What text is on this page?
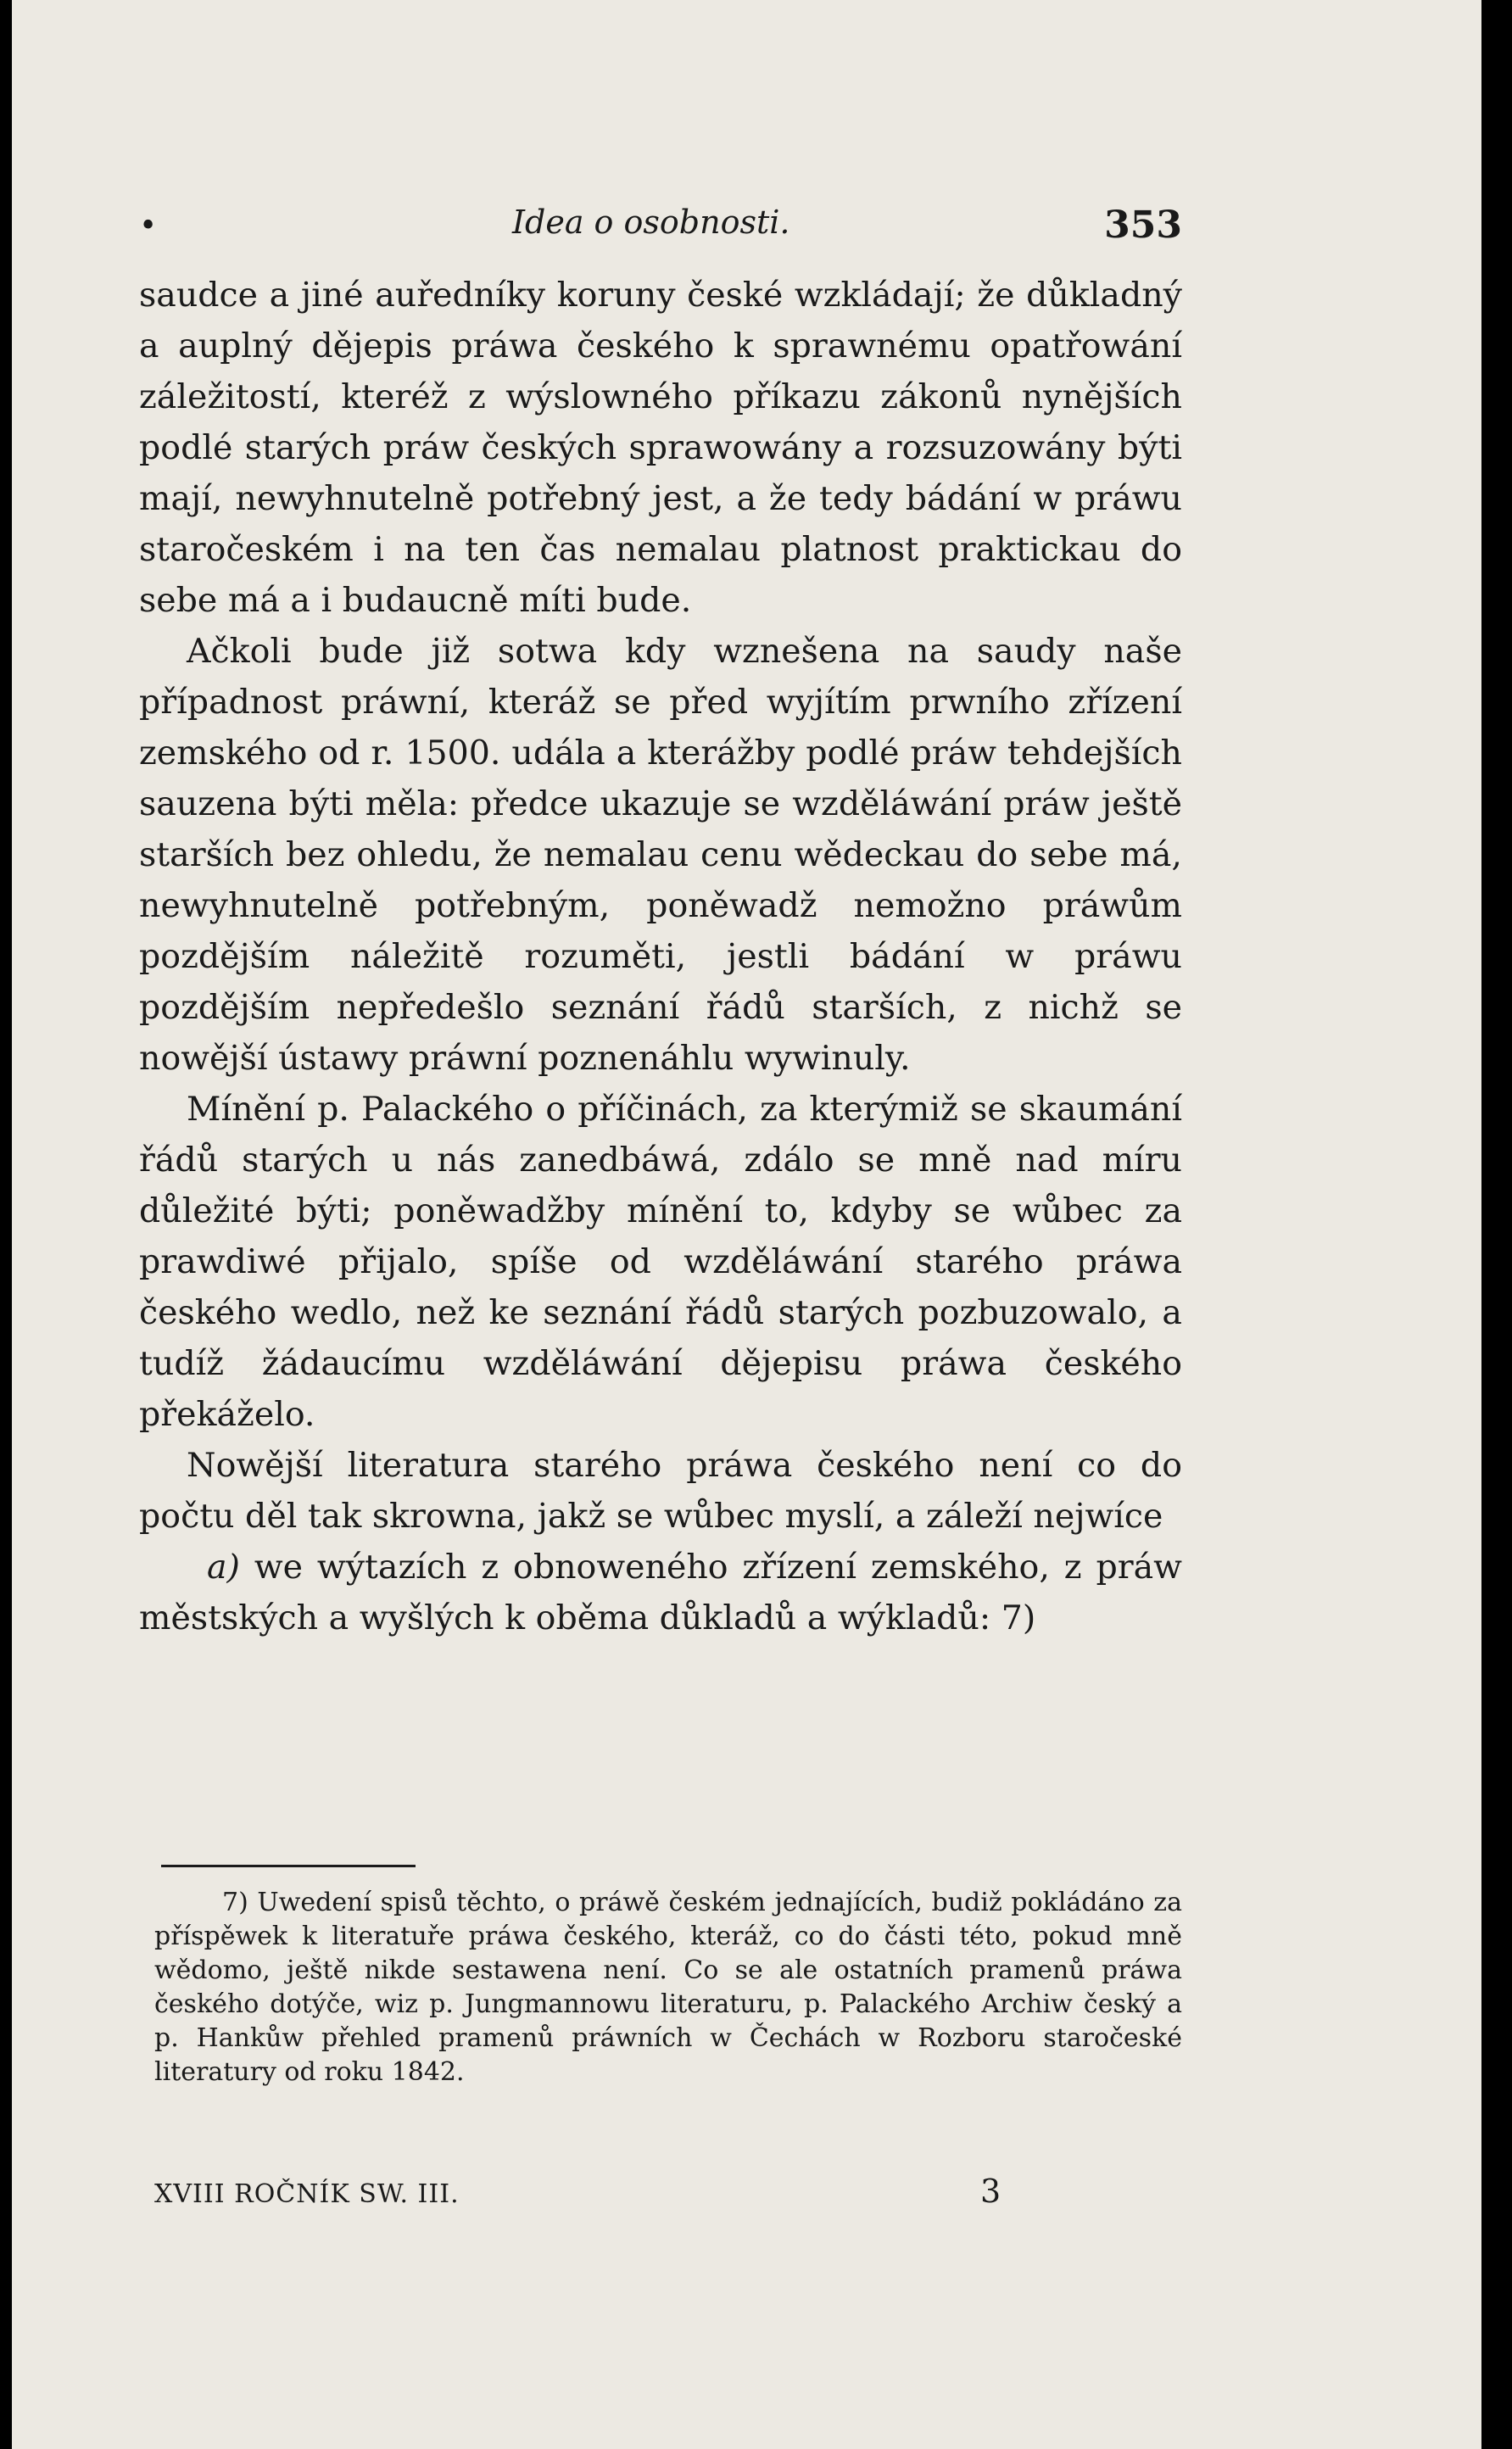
•	Idea o osobnosti.	353

saudce a jiné auředníky koruny české wzkládají; že důkladný a auplný dějepis práwa českého k sprawnému opatřowání záležitostí, kteréž z wýslowného příkazu zákonů nynějších podlé starých práw českých sprawowány a rozsuzowány býti mají, newyhnutelně potřebný jest, a že tedy bádání w práwu staročeském i na ten čas nemalau platnost praktickau do sebe má a i budaucně míti bude.

Ačkoli bude již sotwa kdy wznešena na saudy naše případnost práwní, kteráž se před wyjítím prwního zřízení zemského od r. 1500. udála a kterážby podlé práw tehdejších sauzena býti měla: předce ukazuje se wzděláwání práw ještě starších bez ohledu, že nemalau cenu wědeckau do sebe má, newyhnutelně potřebným, poněwadž nemožno práwům pozdějším náležitě rozuměti, jestli bádání w práwu pozdějším nepředešlo seznání řádů starších, z nichž se nowější ústawy práwní poznenáhlu wywinuly.

Mínění p. Palackého o příčinách, za kterýmiž se skaumání řádů starých u nás zanedbáwá, zdálo se mně nad míru důležité býti; poněwadžby mínění to, kdyby se wůbec za prawdiwé přijalo, spíše od wzděláwání starého práwa českého wedlo, než ke seznání řádů starých pozbuzowalo, a tudíž žádaucímu wzděláwání dějepisu práwa českého překáželo.

Nowější literatura starého práwa českého není co do počtu děl tak skrowna, jakž se wůbec myslí, a záleží nejwíce

a) we wýtazích z obnoweného zřízení zemského, z práw městských a wyšlých k oběma důkladů a wýkladů: 7)

7) Uwedení spisů těchto, o práwě českém jednajících, budiž pokládáno za příspěwek k literatuře práwa českého, kteráž, co do části této, pokud mně wědomo, ještě nikde sestawena není. Co se ale ostatních pramenů práwa českého dotýče, wiz p. Jungmannowu literaturu, p. Palackého Archiw český a p. Hankůw přehled pramenů práwních w Čechách w Rozboru staročeské literatury od roku 1842.
XVIII ROČNÍK SW. III.	3
